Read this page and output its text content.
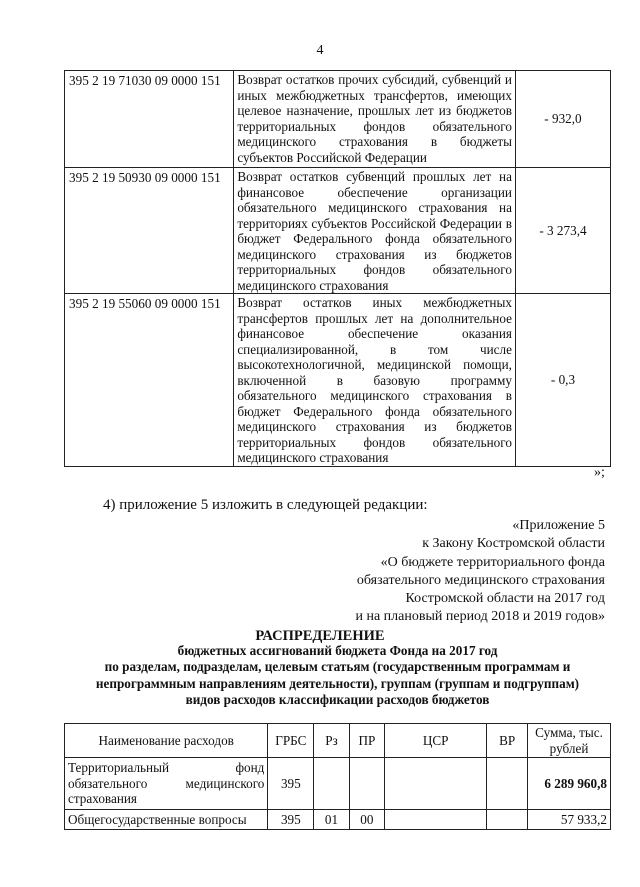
4
395 2 19 71030 09 0000 151	Возврат остатков прочих субсидий, субвенций и иных межбюджетных трансфертов, имеющих целевое назначение, прошлых лет из бюджетов территориальных фондов обязательного медицинского страхования в бюджеты субъектов Российской Федерации	- 932,0
395 2 19 50930 09 0000 151	Возврат остатков субвенций прошлых лет на финансовое обеспечение организации обязательного медицинского страхования на территориях субъектов Российской Федерации в бюджет Федерального фонда обязательного медицинского страхования из бюджетов территориальных фондов обязательного медицинского страхования	- 3 273,4
395 2 19 55060 09 0000 151	Возврат остатков иных межбюджетных трансфертов прошлых лет на дополнительное финансовое обеспечение оказания специализированной, в том числе высокотехнологичной, медицинской помощи, включенной в базовую программу обязательного медицинского страхования в бюджет Федерального фонда обязательного медицинского страхования из бюджетов территориальных фондов обязательного медицинского страхования	- 0,3
»;
4) приложение 5 изложить в следующей редакции:
«Приложение 5
к Закону Костромской области
«О бюджете территориального фонда
обязательного медицинского страхования
Костромской области на 2017 год
и на плановый период 2018 и 2019 годов»
РАСПРЕДЕЛЕНИЕ
бюджетных ассигнований бюджета Фонда на 2017 год
по разделам, подразделам, целевым статьям (государственным программам и
непрограммным направлениям деятельности), группам (группам и подгруппам)
видов расходов классификации расходов бюджетов
Наименование расходов	ГРБС	Рз	ПР	ЦСР	ВР	Сумма, тыс. рублей
Территориальный фонд обязательного медицинского страхования	395					6 289 960,8
Общегосударственные вопросы	395	01	00			57 933,2
